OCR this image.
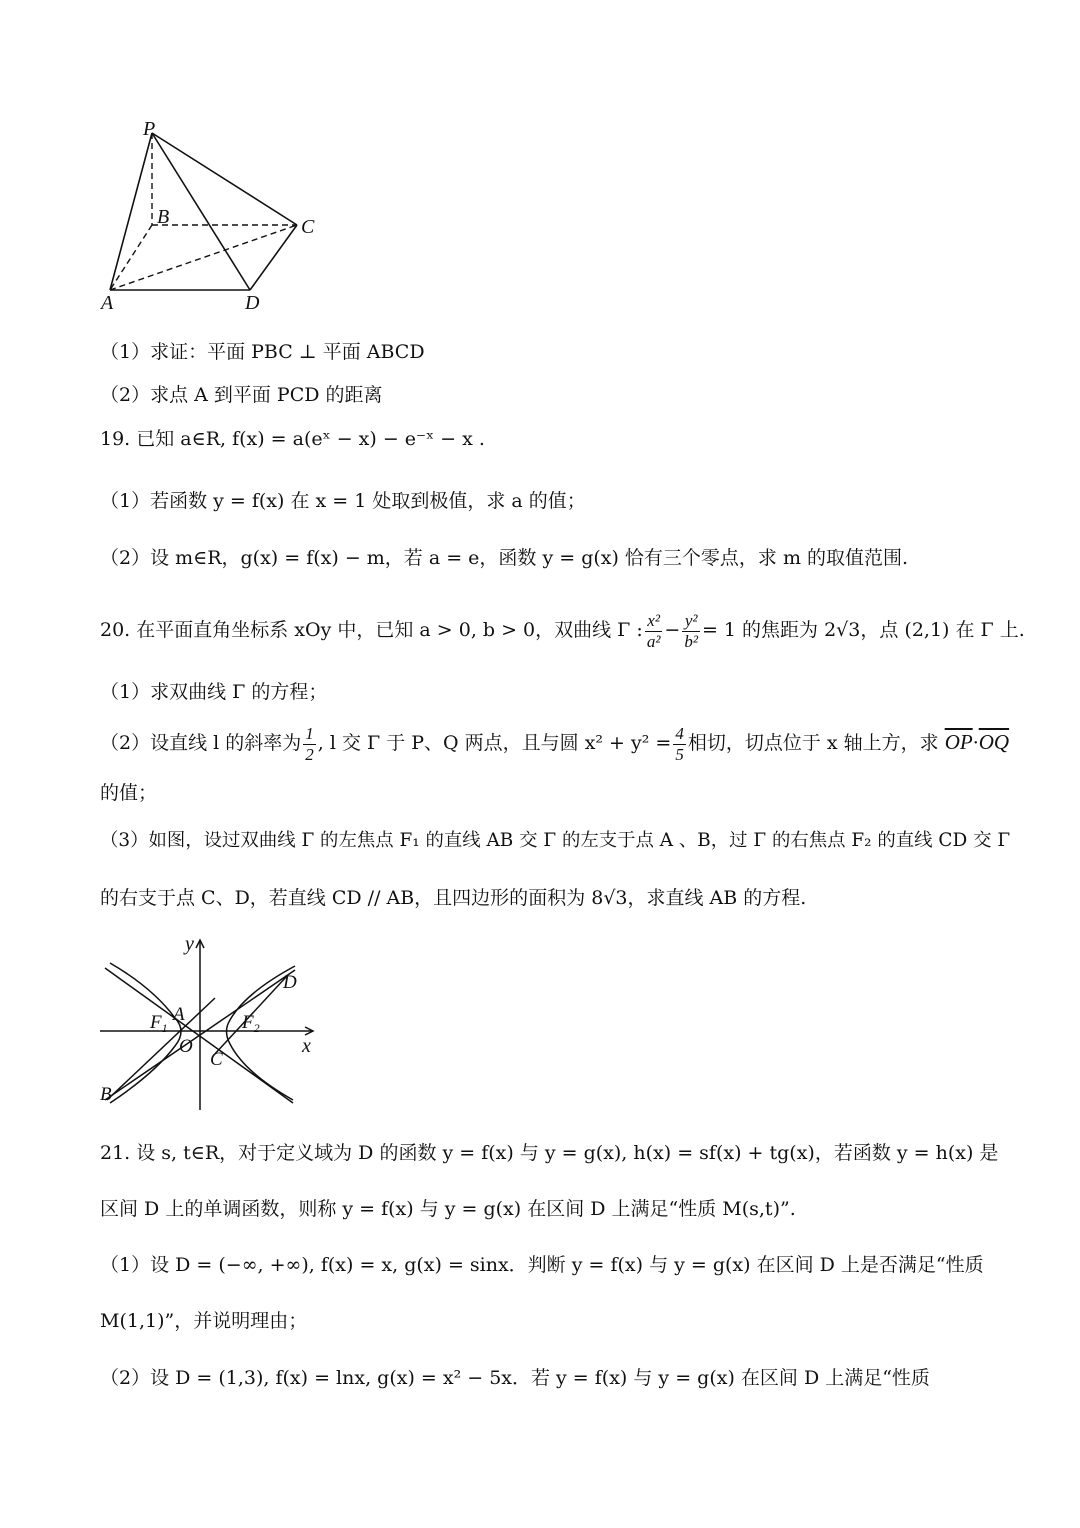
P
B	C
A	D
（1）求证：平面 PBC ⊥ 平面 ABCD
（2）求点 A 到平面 PCD 的距离
19. 已知 a∈R, f(x) = a(eˣ − x) − e⁻ˣ − x .
（1）若函数 y = f(x) 在 x = 1 处取到极值，求 a 的值；
（2）设 m∈R，g(x) = f(x) − m，若 a = e，函数 y = g(x) 恰有三个零点，求 m 的取值范围.
20. 在平面直角坐标系 xOy 中，已知 a > 0, b > 0，双曲线 Γ : $\frac{\text{x²}}{\text{a²}} - \frac{\text{y²}}{\text{b²}} = 1$ 的焦距为 2√3，点 (2,1) 在 Γ 上.
（1）求双曲线 Γ 的方程；
（2）设直线 l 的斜率为 $\frac{1}{2}$ , l 交 Γ 于 P、Q 两点，且与圆 $x^2 + y^2 = \frac{4}{5}$ 相切，切点位于 x 轴上方，求 $\overline{OP}\cdot\overline{OQ}$
的值；
（3）如图，设过双曲线 Γ 的左焦点 F₁ 的直线 AB 交 Γ 的左支于点 A 、B，过 Γ 的右焦点 F₂ 的直线 CD 交 Γ
的右支于点 C、D，若直线 CD // AB，且四边形的面积为 8√3，求直线 AB 的方程.
y
x
O
A
B
C
D
$F_1$	$F_2$
21. 设 s, t∈R，对于定义域为 D 的函数 y = f(x) 与 y = g(x), h(x) = sf(x) + tg(x)，若函数 y = h(x) 是
区间 D 上的单调函数，则称 y = f(x) 与 y = g(x) 在区间 D 上满足“性质 M(s,t)”.
（1）设 D = (−∞, +∞), f(x) = x, g(x) = sinx．判断 y = f(x) 与 y = g(x) 在区间 D 上是否满足“性质
M(1,1)”，并说明理由；
（2）设 D = (1,3), f(x) = lnx, g(x) = x² − 5x．若 y = f(x) 与 y = g(x) 在区间 D 上满足“性质
